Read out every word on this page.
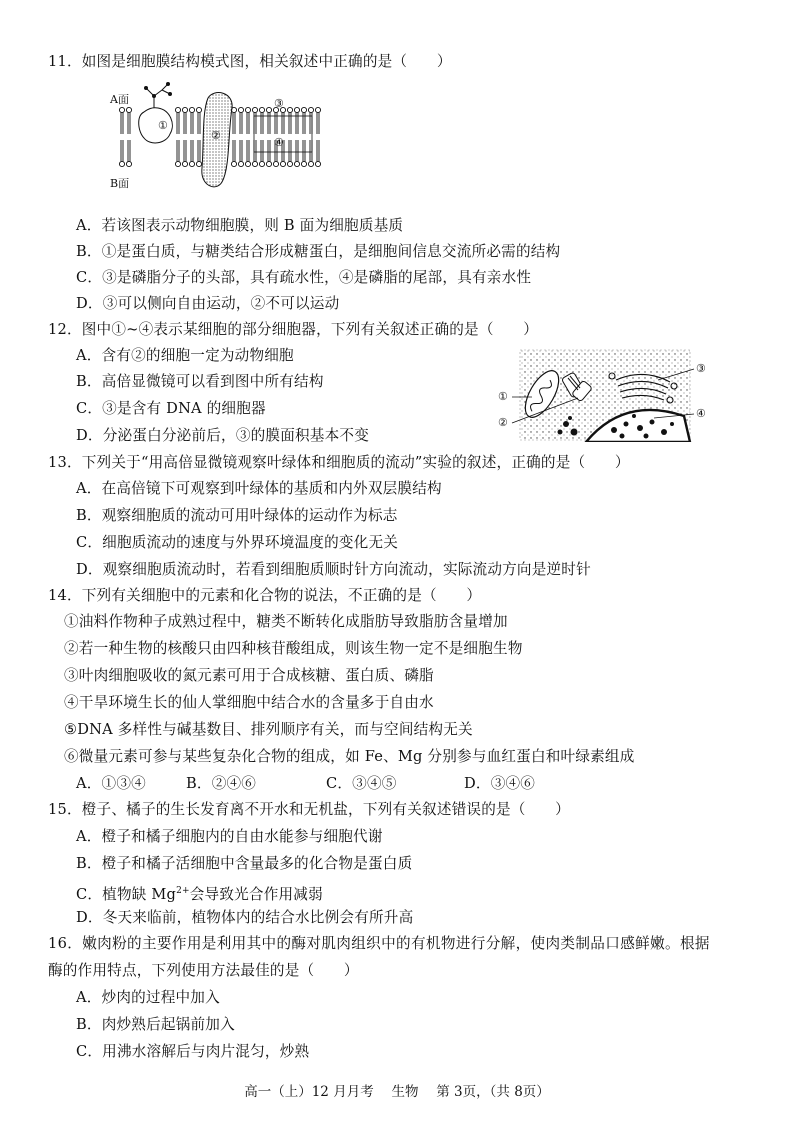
11．如图是细胞膜结构模式图，相关叙述中正确的是（　　）
A面
B面
①
②
③
④
A．若该图表示动物细胞膜，则 B 面为细胞质基质
B．①是蛋白质，与糖类结合形成糖蛋白，是细胞间信息交流所必需的结构
C．③是磷脂分子的头部，具有疏水性，④是磷脂的尾部，具有亲水性
D．③可以侧向自由运动，②不可以运动
12．图中①~④表示某细胞的部分细胞器，下列有关叙述正确的是（　　）
A．含有②的细胞一定为动物细胞
B．高倍显微镜可以看到图中所有结构
C．③是含有 DNA 的细胞器
D．分泌蛋白分泌前后，③的膜面积基本不变
①
②
③
④
13．下列关于“用高倍显微镜观察叶绿体和细胞质的流动”实验的叙述，正确的是（　　）
A．在高倍镜下可观察到叶绿体的基质和内外双层膜结构
B．观察细胞质的流动可用叶绿体的运动作为标志
C．细胞质流动的速度与外界环境温度的变化无关
D．观察细胞质流动时，若看到细胞质顺时针方向流动，实际流动方向是逆时针
14．下列有关细胞中的元素和化合物的说法，不正确的是（　　）
①油料作物种子成熟过程中，糖类不断转化成脂肪导致脂肪含量增加
②若一种生物的核酸只由四种核苷酸组成，则该生物一定不是细胞生物
③叶肉细胞吸收的氮元素可用于合成核糖、蛋白质、磷脂
④干旱环境生长的仙人掌细胞中结合水的含量多于自由水
⑤DNA 多样性与碱基数目、排列顺序有关，而与空间结构无关
⑥微量元素可参与某些复杂化合物的组成，如 Fe、Mg 分别参与血红蛋白和叶绿素组成
A．①③④	B．②④⑥	C．③④⑤	D．③④⑥
15．橙子、橘子的生长发育离不开水和无机盐，下列有关叙述错误的是（　　）
A．橙子和橘子细胞内的自由水能参与细胞代谢
B．橙子和橘子活细胞中含量最多的化合物是蛋白质
C．植物缺 $Mg^{2+}$会导致光合作用减弱
D．冬天来临前，植物体内的结合水比例会有所升高
16．嫩肉粉的主要作用是利用其中的酶对肌肉组织中的有机物进行分解，使肉类制品口感鲜嫩。根据
酶的作用特点，下列使用方法最佳的是（　　）
A．炒肉的过程中加入
B．肉炒熟后起锅前加入
C．用沸水溶解后与肉片混匀，炒熟
高一（上）12 月月考　 生物　 第 3页，（共 8页）
